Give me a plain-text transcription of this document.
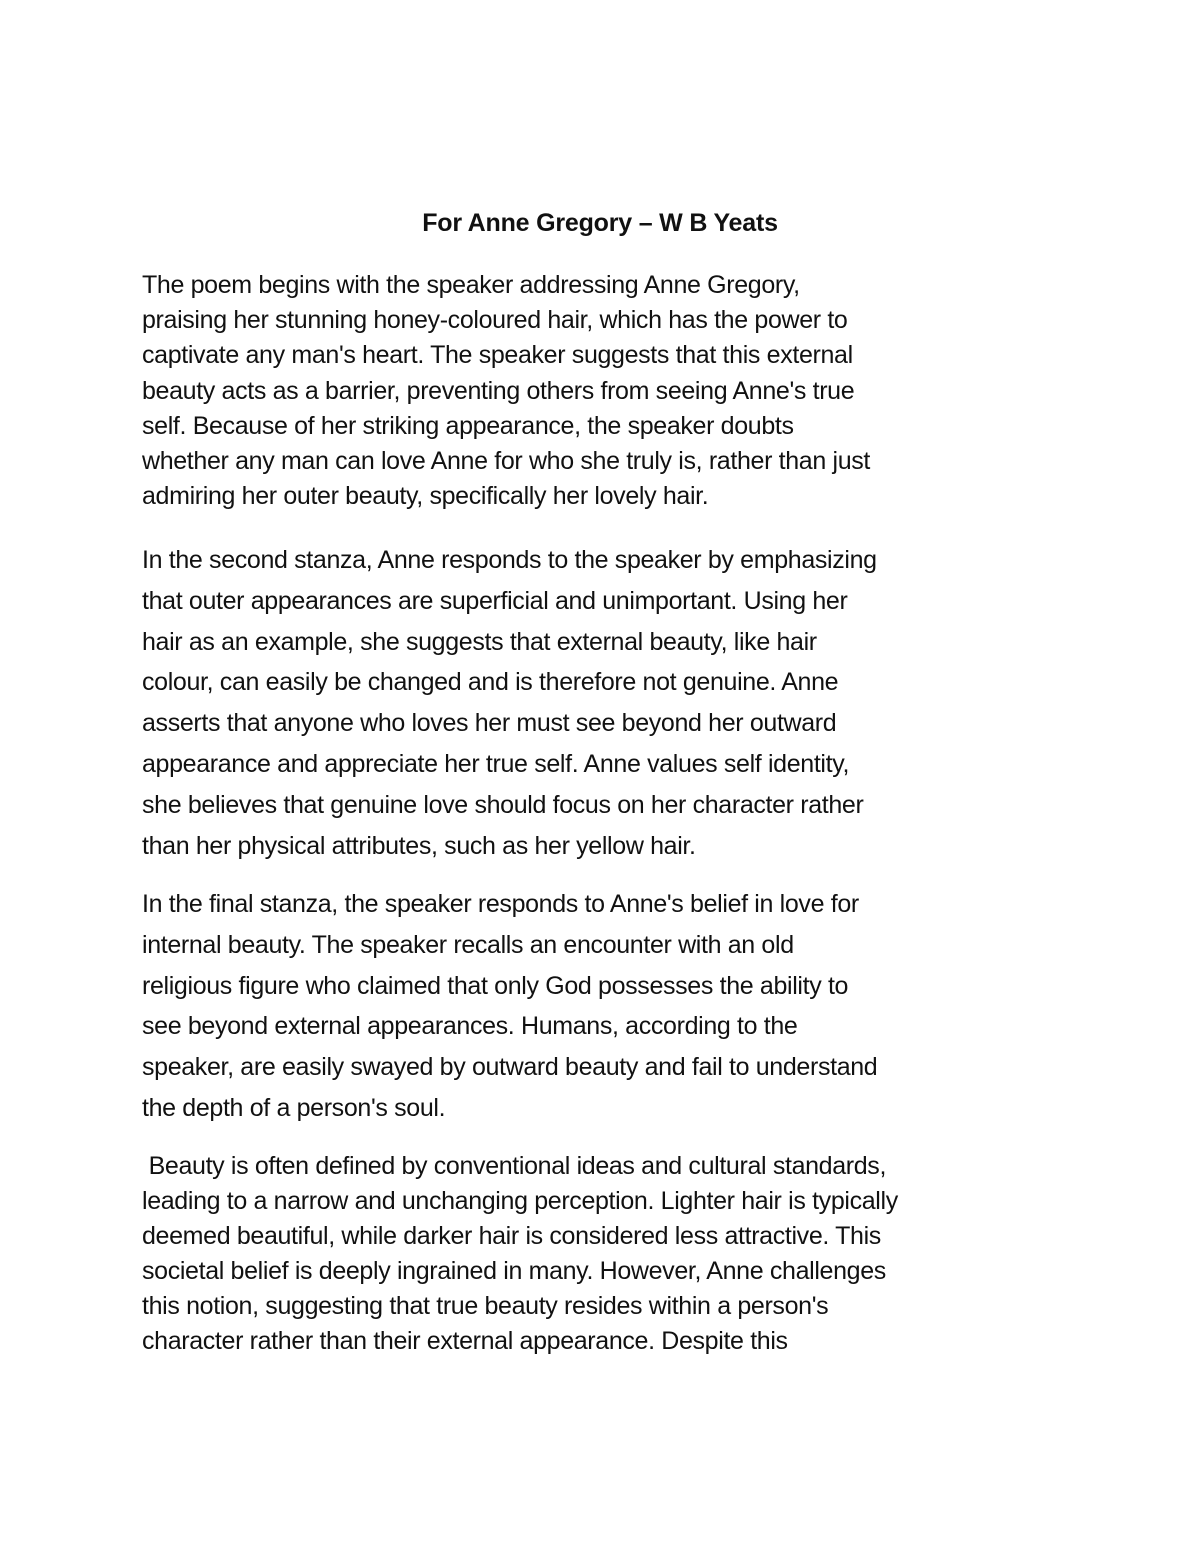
For Anne Gregory – W B Yeats

The poem begins with the speaker addressing Anne Gregory,
praising her stunning honey-coloured hair, which has the power to
captivate any man's heart. The speaker suggests that this external
beauty acts as a barrier, preventing others from seeing Anne's true
self. Because of her striking appearance, the speaker doubts
whether any man can love Anne for who she truly is, rather than just
admiring her outer beauty, specifically her lovely hair.

In the second stanza, Anne responds to the speaker by emphasizing
that outer appearances are superficial and unimportant. Using her
hair as an example, she suggests that external beauty, like hair
colour, can easily be changed and is therefore not genuine. Anne
asserts that anyone who loves her must see beyond her outward
appearance and appreciate her true self. Anne values self identity,
she believes that genuine love should focus on her character rather
than her physical attributes, such as her yellow hair.

In the final stanza, the speaker responds to Anne's belief in love for
internal beauty. The speaker recalls an encounter with an old
religious figure who claimed that only God possesses the ability to
see beyond external appearances. Humans, according to the
speaker, are easily swayed by outward beauty and fail to understand
the depth of a person's soul.

Beauty is often defined by conventional ideas and cultural standards,
leading to a narrow and unchanging perception. Lighter hair is typically
deemed beautiful, while darker hair is considered less attractive. This
societal belief is deeply ingrained in many. However, Anne challenges
this notion, suggesting that true beauty resides within a person's
character rather than their external appearance. Despite this
